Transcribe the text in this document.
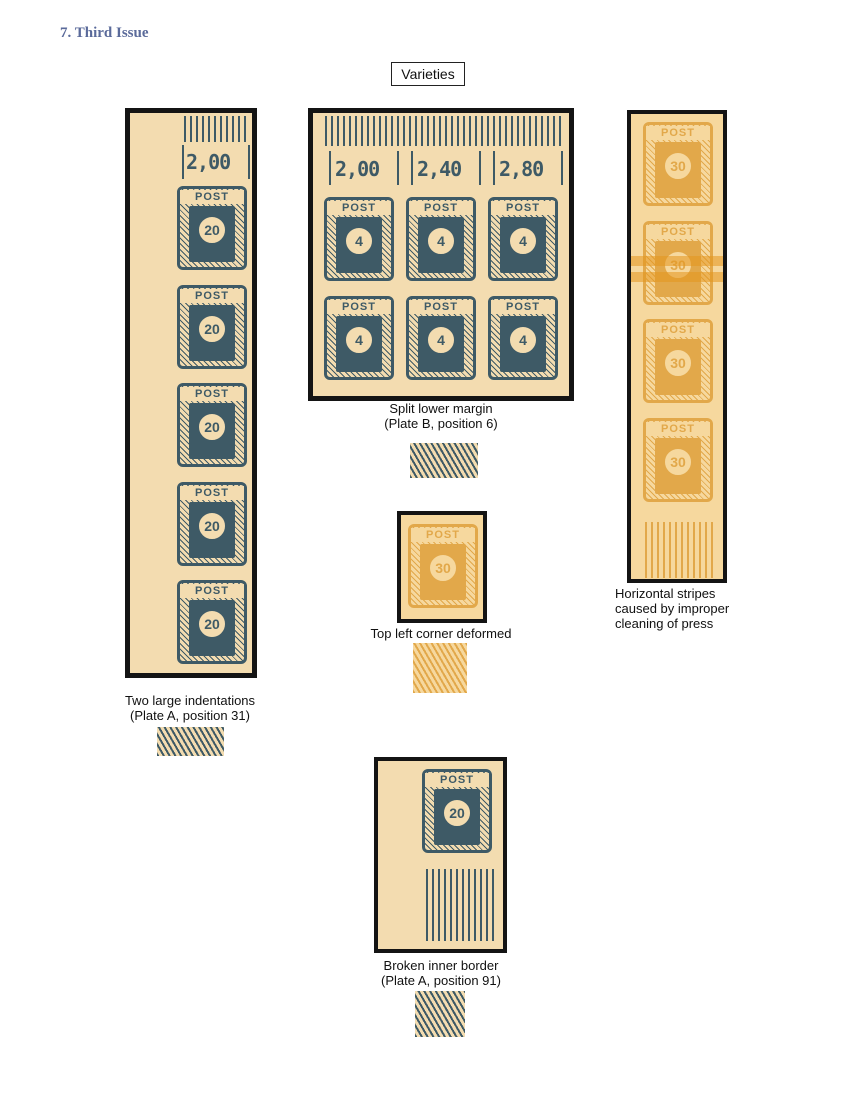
7. Third Issue
Varieties
2,00
POST
20
POST
20
POST
20
POST
20
POST
20
Two large indentations
(Plate A, position 31)
2,00 2,40 2,80
POST
4
POST
4
POST
4
POST
4
POST
4
POST
4
Split lower margin
(Plate B, position 6)
POST
30
Top left corner deformed
POST
30
POST
POST
30
POST
30
Horizontal stripes
caused by improper
cleaning of press
POST
20
Broken inner border
(Plate A, position 91)
